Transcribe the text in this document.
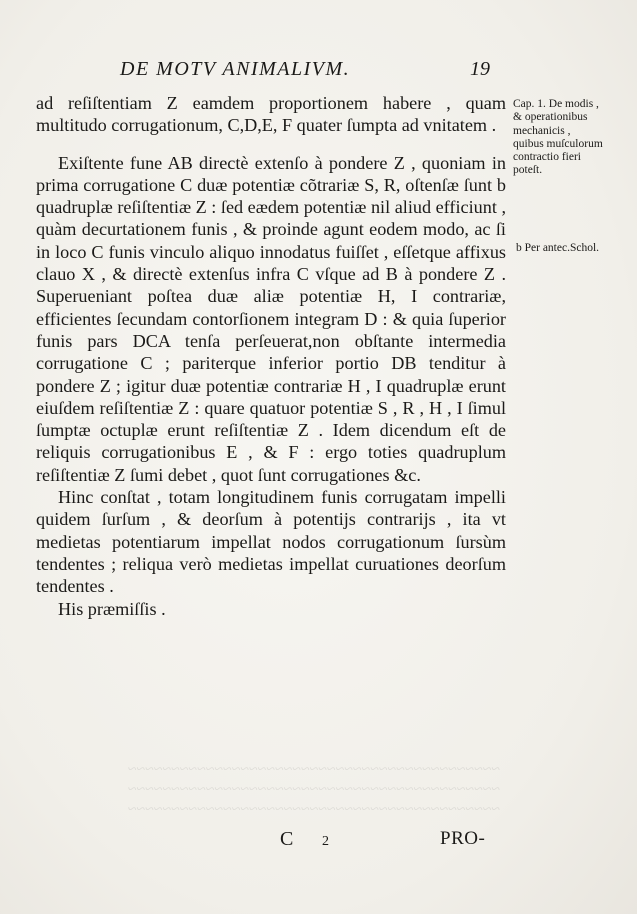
DE MOTV ANIMALIVM.	19

ad reſiſtentiam Z eamdem proportionem habere , quam multitudo corrugationum, C,D,E, F quater ſumpta ad vnitatem .

Exiſtente fune AB directè extenſo à pondere Z , quoniam in prima corrugatione C duæ potentiæ cõtrariæ S, R, oſtenſæ ſunt b quadruplæ reſiſtentiæ Z : ſed eædem potentiæ nil aliud efficiunt , quàm decurtationem funis , & proinde agunt eodem modo, ac ſi in loco C funis vinculo aliquo innodatus fuiſſet , eſſetque affixus clauo X , & directè extenſus infra C vſque ad B à pondere Z . Superueniant poſtea duæ aliæ potentiæ H, I contrariæ, efficientes ſecundam contorſionem integram D : & quia ſuperior funis pars DCA tenſa perſeuerat,non obſtante intermedia corrugatione C ; pariterque inferior portio DB tenditur à pondere Z ; igitur duæ potentiæ contrariæ H , I quadruplæ erunt eiuſdem reſiſtentiæ Z : quare quatuor potentiæ S , R , H , I ſimul ſumptæ octuplæ erunt reſiſtentiæ Z . Idem dicendum eſt de reliquis corrugationibus E , & F : ergo toties quadruplum reſiſtentiæ Z ſumi debet , quot ſunt corrugationes &c.

Hinc conſtat , totam longitudinem funis corrugatam impelli quidem ſurſum , & deorſum à potentijs contrarijs , ita vt medietas potentiarum impellat nodos corrugationum ſursùm tendentes ; reliqua verò medietas impellat curuationes deorſum tendentes .

His præmiſſis .

Cap. 1. De modis , & operationibus mechanicis , quibus muſculorum contractio fieri poteſt.
b Per antec.Schol.
~~~~~~~~~~~~~~~~~~~~~~~~~~~~~~~~~~~~~~~~~~~
~~~~~~~~~~~~~~~~~~~~~~~~~~~~~~~~~~~~~~~~~~~
~~~~~~~~~~~~~~~~~~~~~~~~~~~~~~~~~~~~~~~~~~~
C 2	PRO-
